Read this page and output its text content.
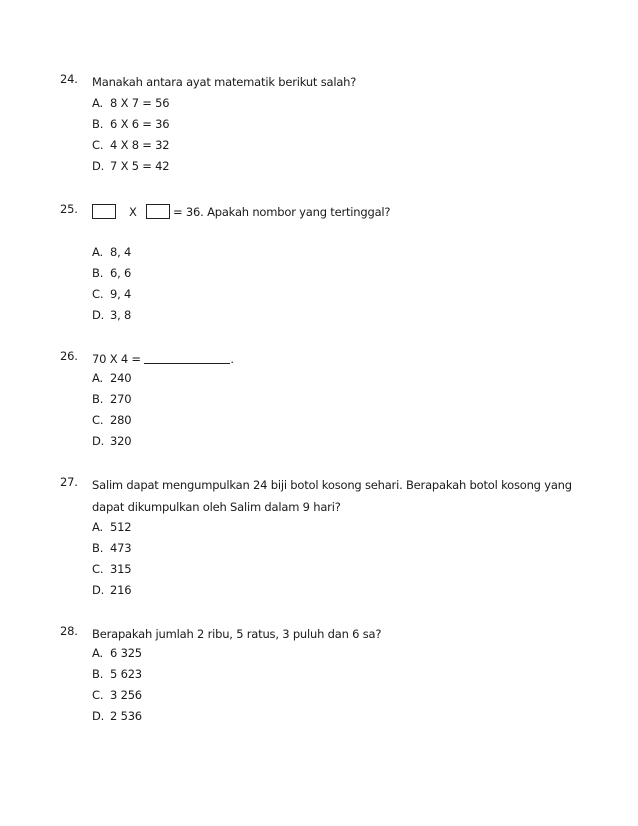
24.	Manakah antara ayat matematik berikut salah?
A. 8 X 7 = 56
B. 6 X 6 = 36
C. 4 X 8 = 32
D. 7 X 5 = 42
25.	X	= 36. Apakah nombor yang tertinggal?
A. 8, 4
B. 6, 6
C. 9, 4
D. 3, 8
26.	70 X 4 =	.
A. 240
B. 270
C. 280
D. 320
27.	Salim dapat mengumpulkan 24 biji botol kosong sehari. Berapakah botol kosong yang
dapat dikumpulkan oleh Salim dalam 9 hari?
A. 512
B. 473
C. 315
D. 216
28.	Berapakah jumlah 2 ribu, 5 ratus, 3 puluh dan 6 sa?
A. 6 325
B. 5 623
C. 3 256
D. 2 536
